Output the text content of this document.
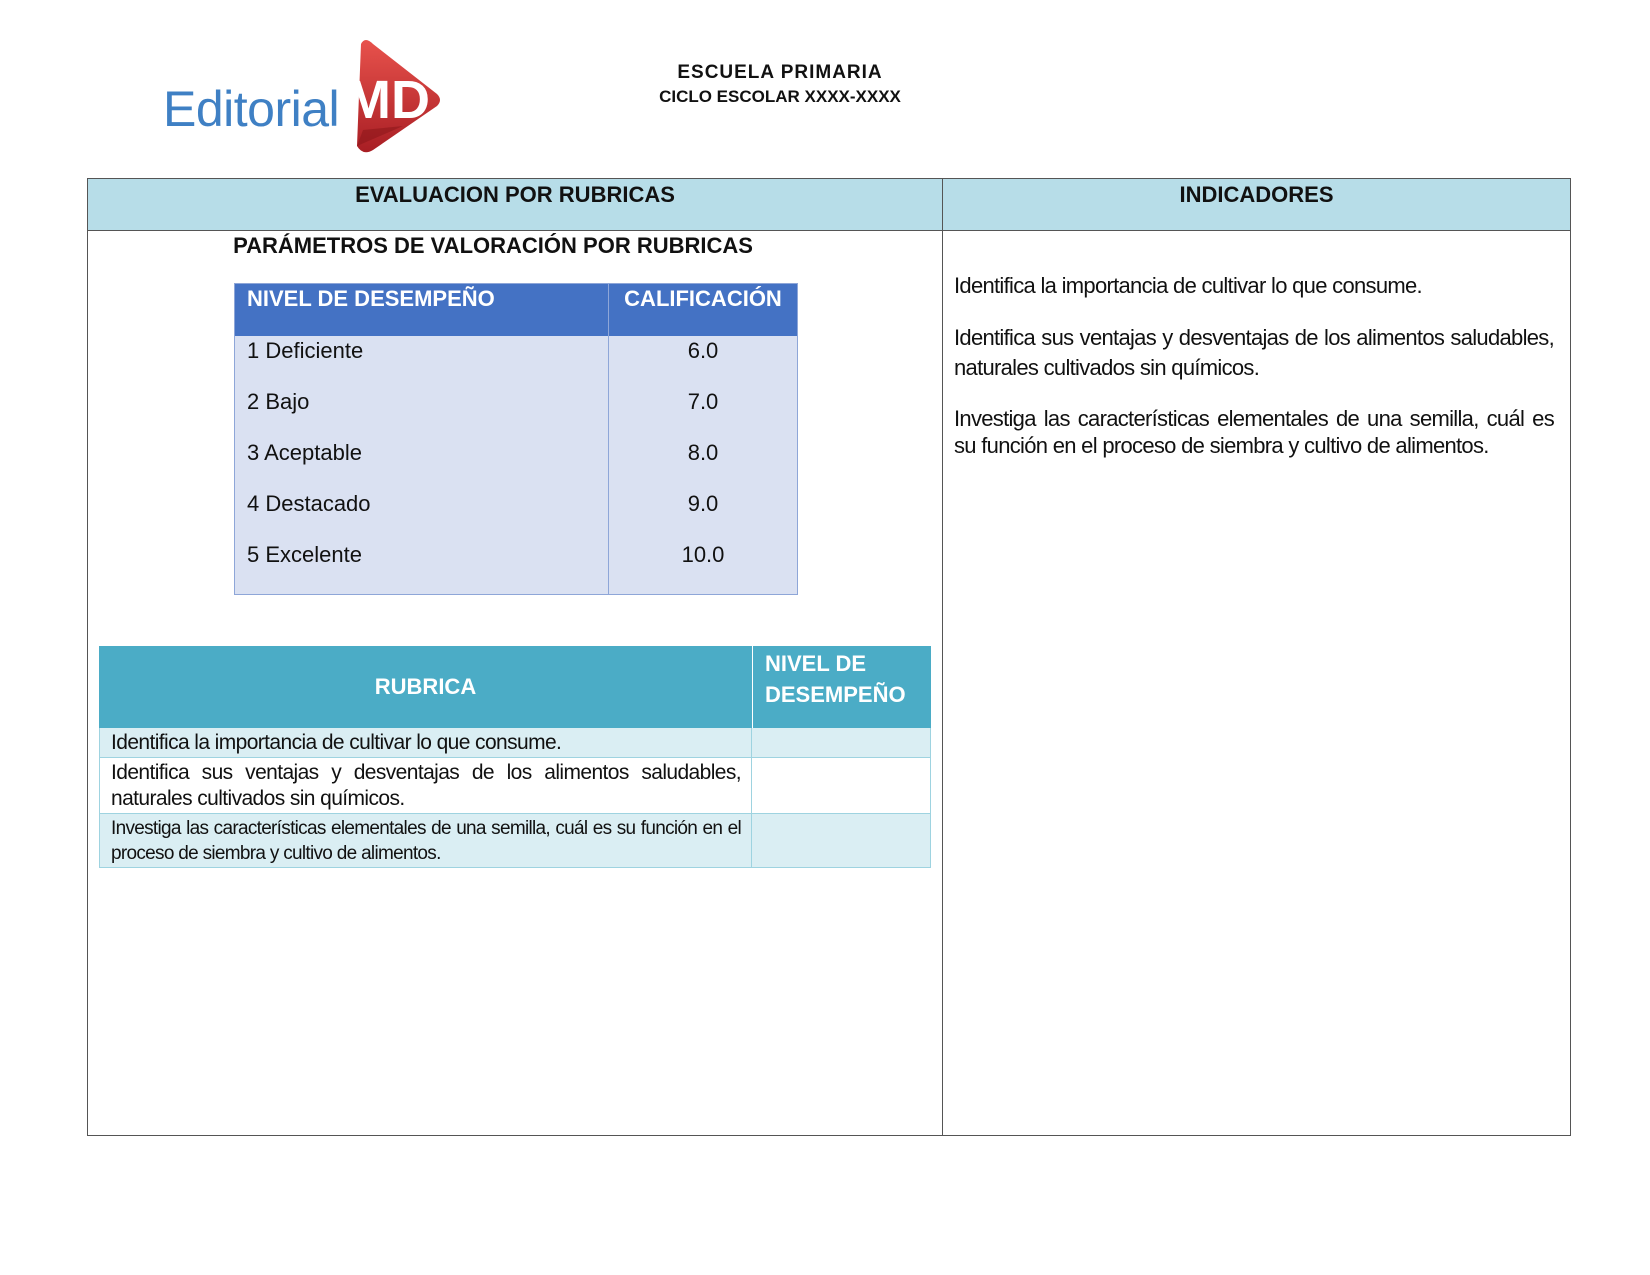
Editorial MD	ESCUELA PRIMARIA
CICLO ESCOLAR XXXX-XXXX
EVALUACION POR RUBRICAS
PARÁMETROS DE VALORACIÓN POR RUBRICAS
NIVEL DE DESEMPEÑO	CALIFICACIÓN
1 Deficiente
2 Bajo
3 Aceptable
4 Destacado
5 Excelente
6.0
7.0
8.0
9.0
10.0
RUBRICA
NIVEL DE DESEMPEÑO
Identifica la importancia de cultivar lo que consume.
Identifica sus ventajas y desventajas de los alimentos saludables, naturales cultivados sin químicos.
Investiga las características elementales de una semilla, cuál es su función en el proceso de siembra y cultivo de alimentos.
INDICADORES

Identifica la importancia de cultivar lo que consume.

Identifica sus ventajas y desventajas de los alimentos saludables, naturales cultivados sin químicos.

Investiga las características elementales de una semilla, cuál es su función en el proceso de siembra y cultivo de alimentos.
